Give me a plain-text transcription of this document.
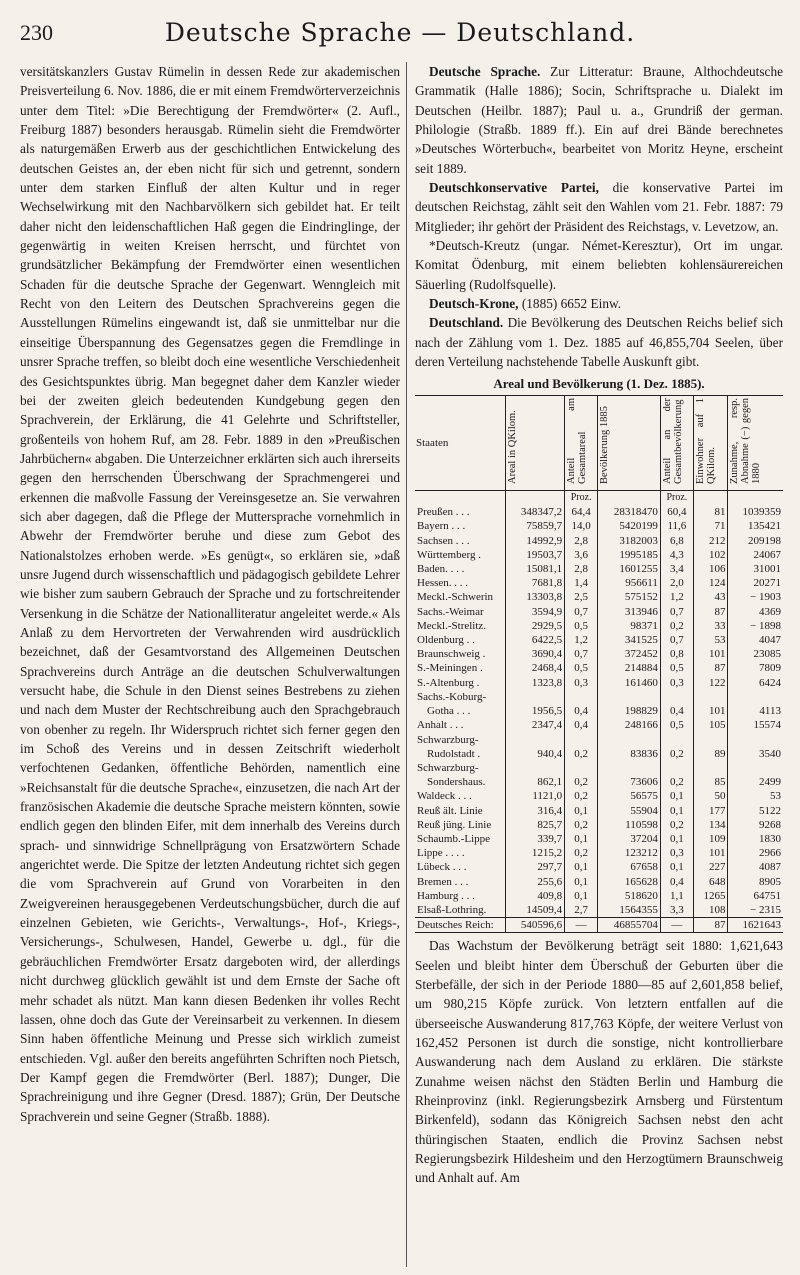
230	Deutsche Sprache — Deutschland.

versitätskanzlers Gustav Rümelin in dessen Rede zur akademischen Preisverteilung 6. Nov. 1886, die er mit einem Fremdwörterverzeichnis unter dem Titel: »Die Berechtigung der Fremdwörter« (2. Aufl., Freiburg 1887) besonders herausgab. Rümelin sieht die Fremdwörter als naturgemäßen Erwerb aus der geschichtlichen Entwickelung des deutschen Geistes an, der eben nicht für sich und getrennt, sondern unter dem starken Einfluß der alten Kultur und in reger Wechselwirkung mit den Nachbarvölkern sich gebildet hat. Er teilt daher nicht den leidenschaftlichen Haß gegen die Eindringlinge, der gegenwärtig in weiten Kreisen herrscht, und fürchtet von grundsätzlicher Bekämpfung der Fremdwörter einen wesentlichen Schaden für die deutsche Sprache der Gegenwart. Wenngleich mit Recht von den Leitern des Deutschen Sprachvereins gegen die Ausstellungen Rümelins eingewandt ist, daß sie unmittelbar nur die einseitige Überspannung des Gegensatzes gegen die Fremdlinge in unsrer Sprache treffen, so bleibt doch eine wesentliche Verschiedenheit des Gesichtspunktes übrig. Man begegnet daher dem Kanzler wieder bei der zweiten gleich bedeutenden Kundgebung gegen den Sprachverein, der Erklärung, die 41 Gelehrte und Schriftsteller, großenteils von hohem Ruf, am 28. Febr. 1889 in den »Preußischen Jahrbüchern« abgaben. Die Unterzeichner erklärten sich auch ihrerseits gegen den herrschenden Überschwang der Sprachmengerei und erkennen die maßvolle Fassung der Vereinsgesetze an. Sie verwahren sich aber dagegen, daß die Pflege der Muttersprache vornehmlich in Abwehr der Fremdwörter beruhe und diese zum Gebot des Nationalstolzes erhoben werde. »Es genügt«, so erklären sie, »daß unsre Jugend durch wissenschaftlich und pädagogisch gebildete Lehrer wie bisher zum saubern Gebrauch der Sprache und zu fortschreitender Versenkung in die Schätze der Nationalliteratur angeleitet werde.« Als Anlaß zu dem Hervortreten der Verwahrenden wird ausdrücklich bezeichnet, daß der Gesamtvorstand des Allgemeinen Deutschen Sprachvereins durch Anträge an die deutschen Schulverwaltungen versucht habe, die Schule in den Dienst seines Bestrebens zu ziehen und nach dem Muster der Rechtschreibung auch den Sprachgebrauch von obenher zu regeln. Ihr Widerspruch richtet sich ferner gegen den im Schoß des Vereins und in dessen Zeitschrift wiederholt verfochtenen Gedanken, öffentliche Behörden, namentlich eine »Reichsanstalt für die deutsche Sprache«, einzusetzen, die nach Art der französischen Akademie die deutsche Sprache meistern könnten, sowie endlich gegen den blinden Eifer, mit dem innerhalb des Vereins durch sprach- und sinnwidrige Schnellprägung von Ersatzwörtern Schade angerichtet werde. Die Spitze der letzten Andeutung richtet sich gegen die vom Sprachverein auf Grund von Vorarbeiten in den Zweigvereinen herausgegebenen Verdeutschungsbücher, durch die auf einzelnen Gebieten, wie Gerichts-, Verwaltungs-, Hof-, Kriegs-, Versicherungs-, Schulwesen, Handel, Gewerbe u. dgl., für die gebräuchlichen Fremdwörter Ersatz dargeboten wird, der allerdings nicht durchweg glücklich gewählt ist und dem Ernste der Sache oft mehr schadet als nützt. Man kann diesen Bedenken ihr volles Recht lassen, ohne doch das Gute der Vereinsarbeit zu verkennen. In diesem Sinn haben öffentliche Meinung und Presse sich wirklich zumeist entschieden. Vgl. außer den bereits angeführten Schriften noch Pietsch, Der Kampf gegen die Fremdwörter (Berl. 1887); Dunger, Die Sprachreinigung und ihre Gegner (Dresd. 1887); Grün, Der Deutsche Sprachverein und seine Gegner (Straßb. 1888).

Deutsche Sprache. Zur Litteratur: Braune, Althochdeutsche Grammatik (Halle 1886); Socin, Schriftsprache u. Dialekt im Deutschen (Heilbr. 1887); Paul u. a., Grundriß der german. Philologie (Straßb. 1889 ff.). Ein auf drei Bände berechnetes »Deutsches Wörterbuch«, bearbeitet von Moritz Heyne, erscheint seit 1889.

Deutschkonservative Partei, die konservative Partei im deutschen Reichstag, zählt seit den Wahlen vom 21. Febr. 1887: 79 Mitglieder; ihr gehört der Präsident des Reichstags, v. Levetzow, an.

*Deutsch-Kreutz (ungar. Német-Keresztur), Ort im ungar. Komitat Ödenburg, mit einem beliebten kohlensäurereichen Säuerling (Rudolfsquelle).

Deutsch-Krone, (1885) 6652 Einw.

Deutschland. Die Bevölkerung des Deutschen Reichs belief sich nach der Zählung vom 1. Dez. 1885 auf 46,855,704 Seelen, über deren Verteilung nachstehende Tabelle Auskunft gibt.

Areal und Bevölkerung (1. Dez. 1885).
Staaten	Areal in QKilom.	Anteil am Gesamtareal	Bevölkerung 1885	Anteil an der Gesamtbevölkerung	Einwohner auf 1 QKilom.	Zunahme, resp. Abnahme (−) gegen 1880
		Proz.		Proz.		
Preußen . . .	348347,2	64,4	28318470	60,4	81	1039359
Bayern . . .	75859,7	14,0	5420199	11,6	71	135421
Sachsen . . .	14992,9	2,8	3182003	6,8	212	209198
Württemberg .	19503,7	3,6	1995185	4,3	102	24067
Baden. . . .	15081,1	2,8	1601255	3,4	106	31001
Hessen. . . .	7681,8	1,4	956611	2,0	124	20271
Meckl.-Schwerin	13303,8	2,5	575152	1,2	43	− 1903
Sachs.-Weimar	3594,9	0,7	313946	0,7	87	4369
Meckl.-Strelitz.	2929,5	0,5	98371	0,2	33	− 1898
Oldenburg . .	6422,5	1,2	341525	0,7	53	4047
Braunschweig .	3690,4	0,7	372452	0,8	101	23085
S.-Meiningen .	2468,4	0,5	214884	0,5	87	7809
S.-Altenburg .	1323,8	0,3	161460	0,3	122	6424
Sachs.-Koburg-						
Gotha . . .	1956,5	0,4	198829	0,4	101	4113
Anhalt . . .	2347,4	0,4	248166	0,5	105	15574
Schwarzburg-						
Rudolstadt .	940,4	0,2	83836	0,2	89	3540
Schwarzburg-						
Sondershaus.	862,1	0,2	73606	0,2	85	2499
Waldeck . . .	1121,0	0,2	56575	0,1	50	53
Reuß ält. Linie	316,4	0,1	55904	0,1	177	5122
Reuß jüng. Linie	825,7	0,2	110598	0,2	134	9268
Schaumb.-Lippe	339,7	0,1	37204	0,1	109	1830
Lippe . . . .	1215,2	0,2	123212	0,3	101	2966
Lübeck . . .	297,7	0,1	67658	0,1	227	4087
Bremen . . .	255,6	0,1	165628	0,4	648	8905
Hamburg . . .	409,8	0,1	518620	1,1	1265	64751
Elsaß-Lothring.	14509,4	2,7	1564355	3,3	108	− 2315
Deutsches Reich:	540596,6	—	46855704	—	87	1621643

Das Wachstum der Bevölkerung beträgt seit 1880: 1,621,643 Seelen und bleibt hinter dem Überschuß der Geburten über die Sterbefälle, der sich in der Periode 1880—85 auf 2,601,858 belief, um 980,215 Köpfe zurück. Von letztern entfallen auf die überseeische Auswanderung 817,763 Köpfe, der weitere Verlust von 162,452 Personen ist durch die sonstige, nicht kontrollierbare Auswanderung nach dem Ausland zu erklären. Die stärkste Zunahme weisen nächst den Städten Berlin und Hamburg die Rheinprovinz (inkl. Regierungsbezirk Arnsberg und Fürstentum Birkenfeld), sodann das Königreich Sachsen nebst den acht thüringischen Staaten, endlich die Provinz Sachsen nebst Regierungsbezirk Hildesheim und den Herzogtümern Braunschweig und Anhalt auf. Am
